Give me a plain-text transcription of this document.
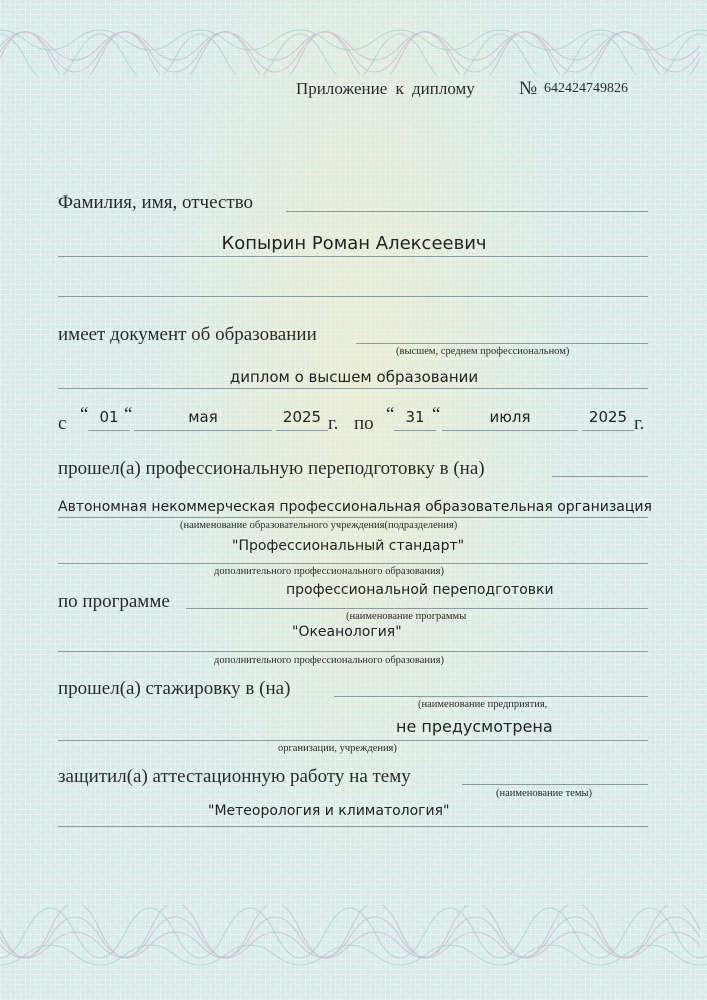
Приложение к диплому № 642424749826
Фамилия, имя, отчество
Копырин Роман Алексеевич
имеет документ об образовании
(высшем, среднем профессиональном)
диплом о высшем образовании
с “ 01 “	мая	2025 г. по “ 31 “	июля	2025 г.
прошел(а) профессиональную переподготовку в (на)
Автономная некоммерческая профессиональная образовательная организация
(наименование образовательного учреждения(подразделения)
"Профессиональный стандарт"
дополнительного профессионального образования)
по программе
профессиональной переподготовки
(наименование программы
"Океанология"
дополнительного профессионального образования)
прошел(а) стажировку в (на)
(наименование предприятия,
не предусмотрена
организации, учреждения)
защитил(а) аттестационную работу на тему
(наименование темы)
"Метеорология и климатология"
